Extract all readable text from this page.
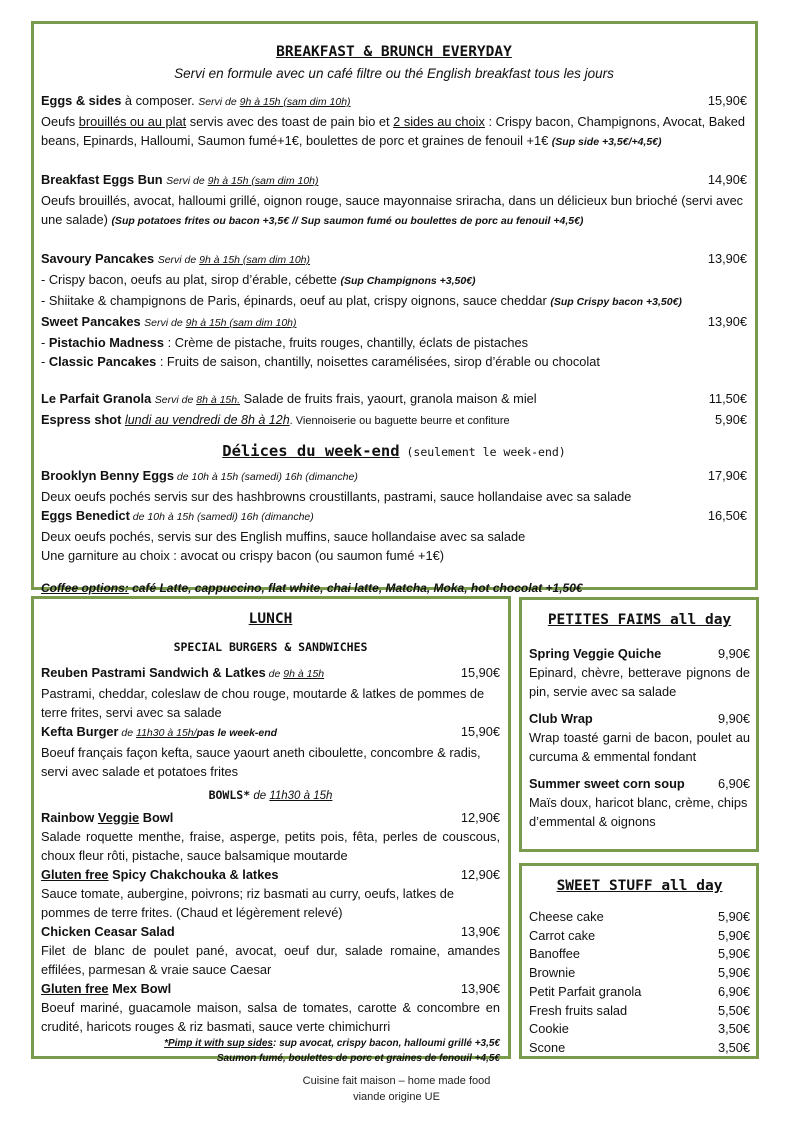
BREAKFAST & BRUNCH EVERYDAY
Servi en formule avec un café filtre ou thé English breakfast tous les jours
Eggs & sides à composer. Servi de 9h à 15h (sam dim 10h)	15,90€
Oeufs brouillés ou au plat servis avec des toast de pain bio et 2 sides au choix : Crispy bacon, Champignons, Avocat, Baked beans, Epinards, Halloumi, Saumon fumé+1€, boulettes de porc et graines de fenouil +1€ (Sup side +3,5€/+4,5€)
Breakfast Eggs Bun Servi de 9h à 15h (sam dim 10h)	14,90€
Oeufs brouillés, avocat, halloumi grillé, oignon rouge, sauce mayonnaise sriracha, dans un délicieux bun brioché (servi avec une salade) (Sup potatoes frites ou bacon +3,5€ // Sup saumon fumé ou boulettes de porc au fenouil +4,5€)
Savoury Pancakes Servi de 9h à 15h (sam dim 10h)	13,90€
- Crispy bacon, oeufs au plat, sirop d’érable, cébette (Sup Champignons +3,50€)
- Shiitake & champignons de Paris, épinards, oeuf au plat, crispy oignons, sauce cheddar (Sup Crispy bacon +3,50€)
Sweet Pancakes Servi de 9h à 15h (sam dim 10h)	13,90€
- Pistachio Madness : Crème de pistache, fruits rouges, chantilly, éclats de pistaches
- Classic Pancakes : Fruits de saison, chantilly, noisettes caramélisées, sirop d’érable ou chocolat
Le Parfait Granola Servi de 8h à 15h. Salade de fruits frais, yaourt, granola maison & miel	11,50€
Espress shot lundi au vendredi de 8h à 12h. Viennoiserie ou baguette beurre et confiture	5,90€
Délices du week-end (seulement le week-end)
Brooklyn Benny Eggs de 10h à 15h (samedi) 16h (dimanche)	17,90€
Deux oeufs pochés servis sur des hashbrowns croustillants, pastrami, sauce hollandaise avec sa salade
Eggs Benedict de 10h à 15h (samedi) 16h (dimanche)	16,50€
Deux oeufs pochés, servis sur des English muffins, sauce hollandaise avec sa salade
Une garniture au choix : avocat ou crispy bacon (ou saumon fumé +1€)
Coffee options: café Latte, cappuccino, flat white, chai latte, Matcha, Moka, hot chocolat +1,50€

LUNCH
SPECIAL BURGERS & SANDWICHES
Reuben Pastrami Sandwich & Latkes de 9h à 15h	15,90€
Pastrami, cheddar, coleslaw de chou rouge, moutarde & latkes de pommes de terre frites, servi avec sa salade
Kefta Burger de 11h30 à 15h/pas le week-end	15,90€
Boeuf français façon kefta, sauce yaourt aneth ciboulette, concombre & radis, servi avec salade et potatoes frites
BOWLS* de 11h30 à 15h
Rainbow Veggie Bowl	12,90€
Salade roquette menthe, fraise, asperge, petits pois, fêta, perles de couscous, choux fleur rôti, pistache, sauce balsamique moutarde
Gluten free Spicy Chakchouka & latkes	12,90€
Sauce tomate, aubergine, poivrons; riz basmati au curry, oeufs, latkes de pommes de terre frites. (Chaud et légèrement relevé)
Chicken Ceasar Salad	13,90€
Filet de blanc de poulet pané, avocat, oeuf dur, salade romaine, amandes effilées, parmesan & vraie sauce Caesar
Gluten free Mex Bowl	13,90€
Boeuf mariné, guacamole maison, salsa de tomates, carotte & concombre en crudité, haricots rouges & riz basmati, sauce verte chimichurri
*Pimp it with sup sides: sup avocat, crispy bacon, halloumi grillé +3,5€
Saumon fumé, boulettes de porc et graines de fenouil +4,5€
PETITES FAIMS all day
Spring Veggie Quiche	9,90€
Epinard, chèvre, betterave pignons de pin, servie avec sa salade
Club Wrap	9,90€
Wrap toasté garni de bacon, poulet au curcuma & emmental fondant
Summer sweet corn soup	6,90€
Maïs doux, haricot blanc, crème, chips d’emmental & oignons
SWEET STUFF all day
Cheese cake	5,90€
Carrot cake	5,90€
Banoffee	5,90€
Brownie	5,90€
Petit Parfait granola	6,90€
Fresh fruits salad	5,50€
Cookie	3,50€
Scone	3,50€
Cuisine fait maison – home made food
viande origine UE
